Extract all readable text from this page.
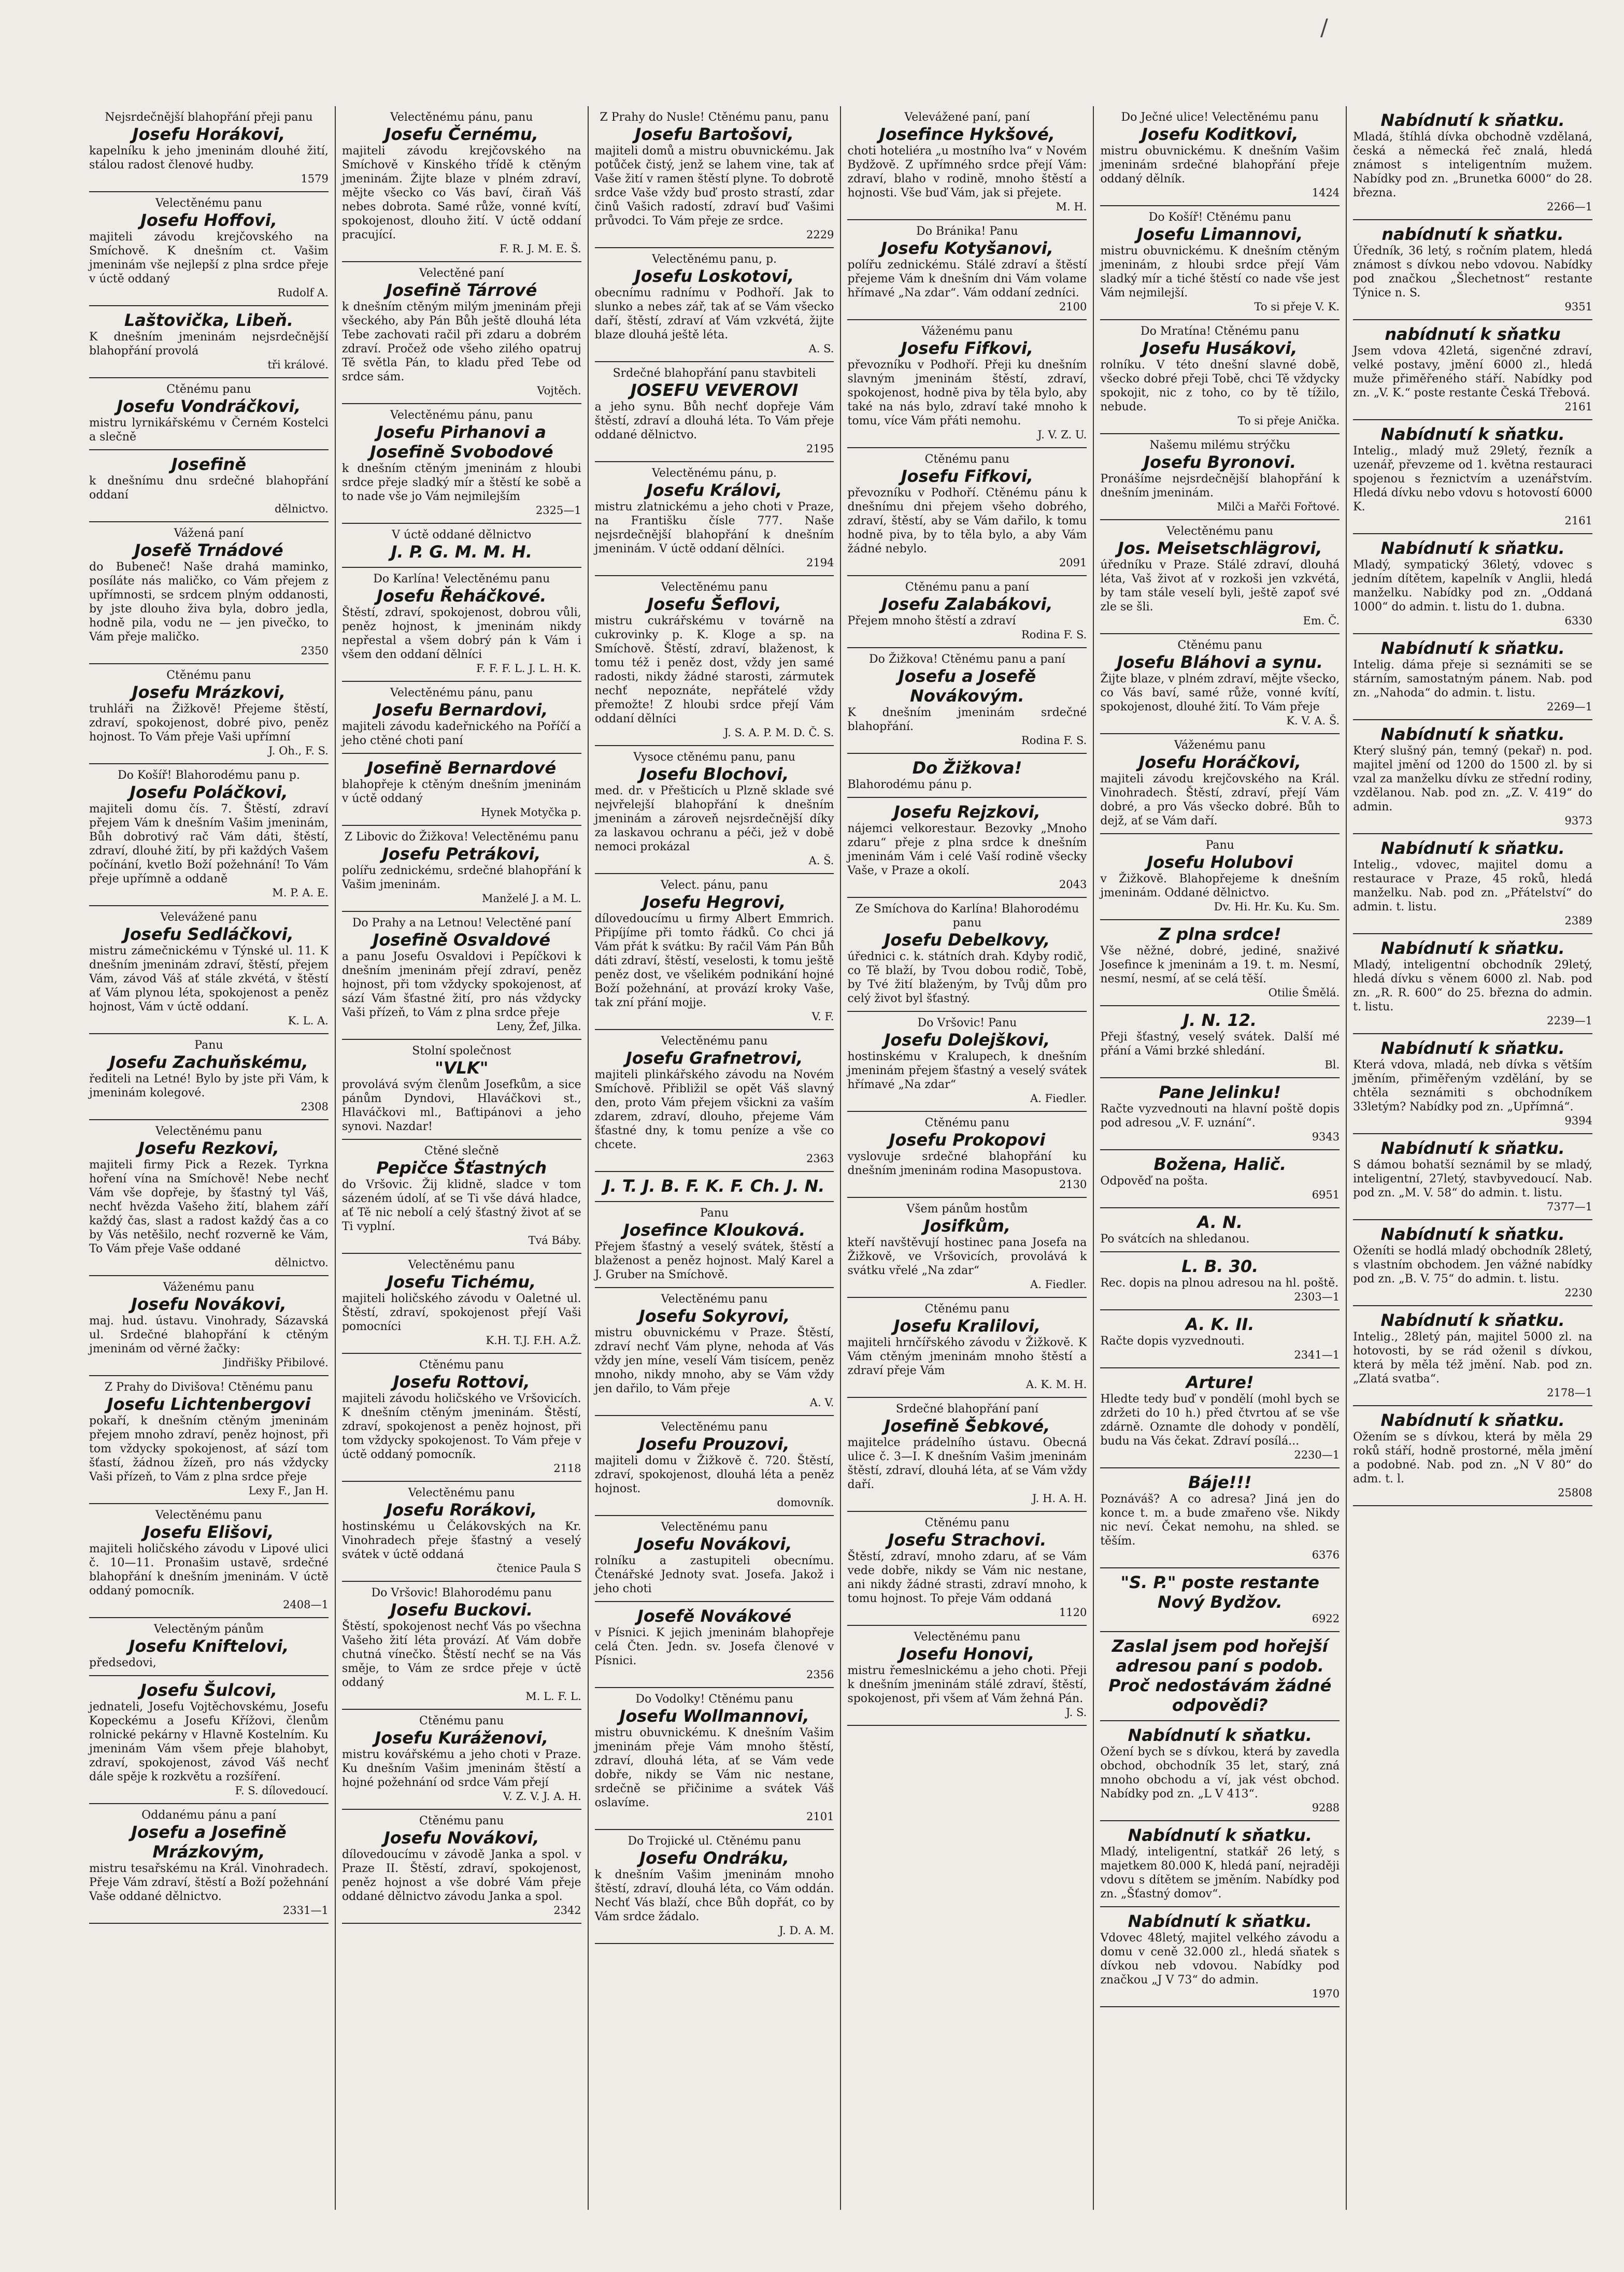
/
Nejsrdečnější blahopřání přeji panu
Josefu Horákovi,
kapelníku k jeho jmeninám dlouhé žití, stálou radost členové hudby.
1579
Velectěnému panu
Josefu Hoffovi,
majiteli závodu krejčovského na Smíchově. K dnešním ct. Vašim jmeninám vše nejlepší z plna srdce přeje v úctě oddaný
Rudolf A.
Laštovička, Libeň.
K dnešním jmeninám nejsrdečnější blahopřání provolá
tři králové.
Ctěnému panu
Josefu Vondráčkovi,
mistru lyrnikářskému v Černém Kostelci a slečně
Josefině
k dnešnímu dnu srdečné blahopřání oddaní
dělnictvo.
Vážená paní
Josefě Trnádové
do Bubeneč! Naše drahá maminko, posíláte nás maličko, co Vám přejem z upřímnosti, se srdcem plným oddanosti, by jste dlouho živa byla, dobro jedla, hodně pila, vodu ne — jen pivečko, to Vám přeje maličko.
2350
Ctěnému panu
Josefu Mrázkovi,
truhláři na Žižkově! Přejeme štěstí, zdraví, spokojenost, dobré pivo, peněz hojnost. To Vám přeje Vaši upřímní
J. Oh., F. S.
Do Košíř! Blahorodému panu p.
Josefu Poláčkovi,
majiteli domu čís. 7. Štěstí, zdraví přejem Vám k dnešním Vašim jmeninám, Bůh dobrotivý rač Vám dáti, štěstí, zdraví, dlouhé žití, by při každých Vašem počínání, kvetlo Boží požehnání! To Vám přeje upřímně a oddaně
M. P. A. E.
Velevážené panu
Josefu Sedláčkovi,
mistru zámečnickému v Týnské ul. 11. K dnešním jmeninám zdraví, štěstí, přejem Vám, závod Váš ať stále zkvétá, v štěstí ať Vám plynou léta, spokojenost a peněz hojnost, Vám v úctě oddaní.
K. L. A.
Panu
Josefu Zachuňskému,
řediteli na Letné! Bylo by jste při Vám, k jmeninám kolegové.
2308
Velectěnému panu
Josefu Rezkovi,
majiteli firmy Pick a Rezek. Tyrkna hoření vína na Smíchově! Nebe nechť Vám vše dopřeje, by šťastný tyl Váš, nechť hvězda Vašeho žití, blahem září každý čas, slast a radost každý čas a co by Vás netěšilo, nechť rozverně ke Vám, To Vám přeje Vaše oddané
dělnictvo.
Váženému panu
Josefu Novákovi,
maj. hud. ústavu. Vinohrady, Sázavská ul. Srdečné blahopřání k ctěným jmeninám od věrné žačky:
Jindřišky Přibilové.
Z Prahy do Divišova! Ctěnému panu
Josefu Lichtenbergovi
pokaří, k dnešním ctěným jmeninám přejem mnoho zdraví, peněz hojnost, při tom vždycky spokojenost, ať sází tom šťastí, žádnou žízeň, pro nás vždycky Vaši přízeň, to Vám z plna srdce přeje
Lexy F., Jan H.
Velectěnému panu
Josefu Elišovi,
majiteli holičského závodu v Lipové ulici č. 10—11. Pronašim ustavě, srdečné blahopřání k dnešním jmeninám. V úctě oddaný pomocník.
2408—1
Velectěným pánům
Josefu Kniftelovi,
předsedovi,
Josefu Šulcovi,
jednateli, Josefu Vojtěchovskému, Josefu Kopeckému a Josefu Křížovi, členům rolnické pekárny v Hlavně Kostelním. Ku jmeninám Vám všem přeje blahobyt, zdraví, spokojenost, závod Váš nechť dále spěje k rozkvětu a rozšíření.
F. S. dílovedoucí.
Oddanému pánu a paní
Josefu a Josefině Mrázkovým,
mistru tesařskému na Král. Vinohradech. Přeje Vám zdraví, štěstí a Boží požehnání Vaše oddané dělnictvo.
2331—1
Velectěnému pánu, panu
Josefu Černému,
majiteli závodu krejčovského na Smíchově v Kinského třídě k ctěným jmeninám. Žijte blaze v plném zdraví, mějte všecko co Vás baví, čiraň Váš nebes dobrota. Samé růže, vonné kvítí, spokojenost, dlouho žití. V úctě oddaní pracující.
F. R. J. M. E. Š.
Velectěné paní
Josefině Tárrové
k dnešním ctěným milým jmeninám přeji všeckého, aby Pán Bůh ještě dlouhá léta Tebe zachovati račil při zdaru a dobrém zdraví. Pročež ode všeho zilého opatruj Tě světla Pán, to kladu před Tebe od srdce sám.
Vojtěch.
Velectěnému pánu, panu
Josefu Pirhanovi a Josefině Svobodové
k dnešním ctěným jmeninám z hloubi srdce přeje sladký mír a štěstí ke sobě a to nade vše jo Vám nejmilejším
2325—1
V úctě oddané dělnictvo
J. P. G. M. M. H.
Do Karlína! Velectěnému panu
Josefu Řeháčkové.
Štěstí, zdraví, spokojenost, dobrou vůli, peněz hojnost, k jmeninám nikdy nepřestal a všem dobrý pán k Vám i všem den oddaní dělníci
F. F. F. L. J. L. H. K.
Velectěnému pánu, panu
Josefu Bernardovi,
majiteli závodu kadeřnického na Poříčí a jeho ctěné choti paní
Josefině Bernardové
blahopřeje k ctěným dnešním jmeninám v úctě oddaný
Hynek Motyčka p.
Z Libovic do Žižkova! Velectěnému panu
Josefu Petrákovi,
polířu zednickému, srdečné blahopřání k Vašim jmeninám.
Manželé J. a M. L.
Do Prahy a na Letnou! Velectěné paní
Josefině Osvaldové
a panu Josefu Osvaldovi i Pepíčkovi k dnešním jmeninám přejí zdraví, peněz hojnost, při tom vždycky spokojenost, ať sází Vám šťastné žití, pro nás vždycky Vaši přízeň, to Vám z plna srdce přeje
Leny, Žef, Jilka.
Stolní společnost
"VLK"
provolává svým členům Josefkům, a sice pánům Dyndovi, Hlaváčkovi st., Hlaváčkovi ml., Baťtipánovi a jeho synovi. Nazdar!
Ctěné slečně
Pepičce Šťastných
do Vršovic. Žij klidně, sladce v tom sázeném údolí, ať se Ti vše dává hladce, ať Tě nic nebolí a celý šťastný život ať se Ti vyplní.
Tvá Báby.
Velectěnému panu
Josefu Tichému,
majiteli holičského závodu v Oaletné ul. Štěstí, zdraví, spokojenost přejí Vaši pomocníci
K.H. T.J. F.H. A.Ž.
Ctěnému panu
Josefu Rottovi,
majiteli závodu holičského ve Vršovicích. K dnešním ctěným jmeninám. Štěstí, zdraví, spokojenost a peněz hojnost, při tom vždycky spokojenost. To Vám přeje v úctě oddaný pomocník.
2118
Velectěnému panu
Josefu Rorákovi,
hostinskému u Čelákovských na Kr. Vinohradech přeje šťastný a veselý svátek v úctě oddaná
čtenice Paula S
Do Vršovic! Blahorodému panu
Josefu Buckovi.
Štěstí, spokojenost nechť Vás po všechna Vašeho žití léta provází. Ať Vám dobře chutná vínečko. Štěstí nechť se na Vás směje, to Vám ze srdce přeje v úctě oddaný
M. L. F. L.
Ctěnému panu
Josefu Kuráženovi,
mistru kovářskému a jeho choti v Praze. Ku dnešním Vašim jmeninám štěstí a hojné požehnání od srdce Vám přejí
V. Z. V. J. A. H.
Ctěnému panu
Josefu Novákovi,
dílovedoucímu v závodě Janka a spol. v Praze II. Štěstí, zdraví, spokojenost, peněz hojnost a vše dobré Vám přeje oddané dělnictvo závodu Janka a spol.
2342
Z Prahy do Nusle! Ctěnému panu, panu
Josefu Bartošovi,
majiteli domů a mistru obuvnickému. Jak potůček čistý, jenž se lahem vine, tak ať Vaše žití v ramen štěstí plyne. To dobrotě srdce Vaše vždy buď prosto strastí, zdar činů Vašich radostí, zdraví buď Vašimi průvodci. To Vám přeje ze srdce.
2229
Velectěnému panu, p.
Josefu Loskotovi,
obecnímu radnímu v Podhoří. Jak to slunko a nebes zář, tak ať se Vám všecko daří, štěstí, zdraví ať Vám vzkvétá, žijte blaze dlouhá ještě léta.
A. S.
Srdečné blahopřání panu stavbiteli
JOSEFU VEVEROVI
a jeho synu. Bůh nechť dopřeje Vám štěstí, zdraví a dlouhá léta. To Vám přeje oddané dělnictvo.
2195
Velectěnému pánu, p.
Josefu Královi,
mistru zlatnickému a jeho choti v Praze, na Františku čísle 777. Naše nejsrdečnější blahopřání k dnešním jmeninám. V úctě oddaní dělníci.
2194
Velectěnému panu
Josefu Šeflovi,
mistru cukrářskému v továrně na cukrovinky p. K. Kloge a sp. na Smíchově. Štěstí, zdraví, blaženost, k tomu též i peněz dost, vždy jen samé radosti, nikdy žádné starosti, zármutek nechť nepoznáte, nepřátelé vždy přemožte! Z hloubi srdce přejí Vám oddaní dělníci
J. S. A. P. M. D. Č. S.
Vysoce ctěnému panu, panu
Josefu Blochovi,
med. dr. v Přešticích u Plzně sklade své nejvřelejší blahopřání k dnešním jmeninám a zároveň nejsrdečnější díky za laskavou ochranu a péči, jež v době nemoci prokázal
A. Š.
Velect. pánu, panu
Josefu Hegrovi,
dílovedoucímu u firmy Albert Emmrich. Připíjíme při tomto řádků. Co chci já Vám přát k svátku: By račil Vám Pán Bůh dáti zdraví, štěstí, veselosti, k tomu ještě peněz dost, ve všelikém podnikání hojné Boží požehnání, at provází kroky Vaše, tak zní přání mojje.
V. F.
Velectěnému panu
Josefu Grafnetrovi,
majiteli plinkářského závodu na Novém Smíchově. Přibližil se opět Váš slavný den, proto Vám přejem všickni za vaším zdarem, zdraví, dlouho, přejeme Vám šťastné dny, k tomu peníze a vše co chcete.
2363
J. T. J. B. F. K. F. Ch. J. N.
Panu
Josefince Klouková.
Přejem šťastný a veselý svátek, štěstí a blaženost a peněz hojnost. Malý Karel a J. Gruber na Smíchově.
Velectěnému panu
Josefu Sokyrovi,
mistru obuvnickému v Praze. Štěstí, zdraví nechť Vám plyne, nehoda ať Vás vždy jen míne, veselí Vám tisícem, peněz mnoho, nikdy mnoho, aby se Vám vždy jen dařilo, to Vám přeje
A. V.
Velectěnému panu
Josefu Prouzovi,
majiteli domu v Žižkově č. 720. Štěstí, zdraví, spokojenost, dlouhá léta a peněz hojnost.
domovník.
Velectěnému panu
Josefu Novákovi,
rolníku a zastupiteli obecnímu. Čtenářské Jednoty svat. Josefa. Jakož i jeho choti
Josefě Novákové
v Písnici. K jejich jmeninám blahopřeje celá Čten. Jedn. sv. Josefa členové v Písnici.
2356
Do Vodolky! Ctěnému panu
Josefu Wollmannovi,
mistru obuvnickému. K dnešním Vašim jmeninám přeje Vám mnoho štěstí, zdraví, dlouhá léta, ať se Vám vede dobře, nikdy se Vám nic nestane, srdečně se přičinime a svátek Váš oslavíme.
2101
Do Trojické ul. Ctěnému panu
Josefu Ondráku,
k dnešním Vašim jmeninám mnoho štěstí, zdraví, dlouhá léta, co Vám oddán. Nechť Vás blaží, chce Bůh dopřát, co by Vám srdce žádalo.
J. D. A. M.
Velevážené paní, paní
Josefince Hykšové,
choti hoteliéra „u mostního lva“ v Novém Bydžově. Z upřímného srdce přejí Vám: zdraví, blaho v rodině, mnoho štěstí a hojnosti. Vše buď Vám, jak si přejete.
M. H.
Do Bránika! Panu
Josefu Kotyšanovi,
polířu zednickému. Stálé zdraví a štěstí přejeme Vám k dnešním dni Vám volame hřímavé „Na zdar“. Vám oddaní zedníci.
2100
Váženému panu
Josefu Fifkovi,
převozníku v Podhoří. Přeji ku dnešním slavným jmeninám štěstí, zdraví, spokojenost, hodně piva by těla bylo, aby také na nás bylo, zdraví také mnoho k tomu, více Vám přáti nemohu.
J. V. Z. U.
Ctěnému panu
Josefu Fifkovi,
převozníku v Podhoří. Ctěnému pánu k dnešnímu dni přejem všeho dobrého, zdraví, štěstí, aby se Vám dařilo, k tomu hodně piva, by to těla bylo, a aby Vám žádné nebylo.
2091
Ctěnému panu a paní
Josefu Zalabákovi,
Přejem mnoho štěstí a zdraví
Rodina F. S.
Do Žižkova! Ctěnému panu a paní
Josefu a Josefě Novákovým.
K dnešním jmeninám srdečné blahopřání.
Rodina F. S.
Do Žižkova!
Blahorodému pánu p.
Josefu Rejzkovi,
nájemci velkorestaur. Bezovky „Mnoho zdaru“ přeje z plna srdce k dnešním jmeninám Vám i celé Vaší rodině všecky Vaše, v Praze a okolí.
2043
Ze Smíchova do Karlína! Blahorodému panu
Josefu Debelkovy,
úřednici c. k. státních drah. Kdyby rodič, co Tě blaží, by Tvou dobou rodič, Tobě, by Tvé žití blaženým, by Tvůj dům pro celý život byl šťastný.
Do Vršovic! Panu
Josefu Dolejškovi,
hostinskému v Kralupech, k dnešním jmeninám přejem šťastný a veselý svátek hřímavé „Na zdar“
A. Fiedler.
Ctěnému panu
Josefu Prokopovi
vyslovuje srdečné blahopřání ku dnešním jmeninám rodina Masopustova.
2130
Všem pánům hostům
Josifkům,
kteří navštěvují hostinec pana Josefa na Žižkově, ve Vršovicích, provolává k svátku vřelé „Na zdar“
A. Fiedler.
Ctěnému panu
Josefu Kralilovi,
majiteli hrnčířského závodu v Žižkově. K Vám ctěným jmeninám mnoho štěstí a zdraví přeje Vám
A. K. M. H.
Srdečné blahopřání paní
Josefině Šebkové,
majitelce prádelního ústavu. Obecná ulice č. 3—I. K dnešním Vašim jmeninám štěstí, zdraví, dlouhá léta, ať se Vám vždy daří.
J. H. A. H.
Ctěnému panu
Josefu Strachovi.
Štěstí, zdraví, mnoho zdaru, ať se Vám vede dobře, nikdy se Vám nic nestane, ani nikdy žádné strasti, zdraví mnoho, k tomu hojnost. To přeje Vám oddaná
1120
Velectěnému panu
Josefu Honovi,
mistru řemeslnickému a jeho choti. Přeji k dnešním jmeninám stálé zdraví, štěstí, spokojenost, při všem ať Vám žehná Pán.
J. S.
Do Ječné ulice! Velectěnému panu
Josefu Koditkovi,
mistru obuvnickému. K dnešním Vašim jmeninám srdečné blahopřání přeje oddaný dělník.
1424
Do Košíř! Ctěnému panu
Josefu Limannovi,
mistru obuvnickému. K dnešním ctěným jmeninám, z hloubi srdce přejí Vám sladký mír a tiché štěstí co nade vše jest Vám nejmilejší.
To si přeje V. K.
Do Mratína! Ctěnému panu
Josefu Husákovi,
rolníku. V této dnešní slavné době, všecko dobré přeji Tobě, chci Tě vždycky spokojit, nic z toho, co by tě tížilo, nebude.
To si přeje Anička.
Našemu milému strýčku
Josefu Byronovi.
Pronášíme nejsrdečnější blahopřání k dnešním jmeninám.
Milči a Mařči Fořtové.
Velectěnému panu
Jos. Meisetschlägrovi,
úředníku v Praze. Stálé zdraví, dlouhá léta, Vaš život ať v rozkoši jen vzkvétá, by tam stále veselí byli, ještě zapoť své zle se šli.
Em. Č.
Ctěnému panu
Josefu Bláhovi a synu.
Žijte blaze, v plném zdraví, mějte všecko, co Vás baví, samé růže, vonné kvítí, spokojenost, dlouhé žití. To Vám přeje
K. V. A. Š.
Váženému panu
Josefu Horáčkovi,
majiteli závodu krejčovského na Král. Vinohradech. Štěstí, zdraví, přejí Vám dobré, a pro Vás všecko dobré. Bůh to dejž, ať se Vám daří.
Panu
Josefu Holubovi
v Žižkově. Blahopřejeme k dnešním jmeninám. Oddané dělnictvo.
Dv. Hi. Hr. Ku. Ku. Sm.
Z plna srdce!
Vše něžné, dobré, jediné, snaživé Josefince k jmeninám a 19. t. m. Nesmí, nesmí, nesmí, ať se celá těší.
Otilie Šmělá.
J. N. 12.
Přeji šťastný, veselý svátek. Další mé přání a Vámi brzké shledání.
Bl.
Pane Jelinku!
Račte vyzvednouti na hlavní poště dopis pod adresou „V. F. uznání“.
9343
Božena, Halič.
Odpověď na pošta.
6951
A. N.
Po svátcích na shledanou.
L. B. 30.
Rec. dopis na plnou adresou na hl. poště.
2303—1
A. K. II.
Račte dopis vyzvednouti.
2341—1
Arture!
Hledte tedy buď v pondělí (mohl bych se zdržeti do 10 h.) před čtvrtou ať se vše zdárně. Oznamte dle dohody v pondělí, budu na Vás čekat. Zdraví posílá...
2230—1
Báje!!!
Poznáváš? A co adresa? Jiná jen do konce t. m. a bude zmařeno vše. Nikdy nic neví. Čekat nemohu, na shled. se těším.
6376
"S. P." poste restante Nový Bydžov.
6922
Zaslal jsem pod hořejší adresou paní s podob. Proč nedostávám žádné odpovědi?
Nabídnutí k sňatku.
Ožení bych se s dívkou, která by zavedla obchod, obchodník 35 let, starý, zná mnoho obchodu a ví, jak vést obchod. Nabídky pod zn. „L V 413“.
9288
Nabídnutí k sňatku.
Mladý, inteligentní, statkář 26 letý, s majetkem 80.000 K, hledá paní, nejraději vdovu s dítětem se jměním. Nabídky pod zn. „Šťastný domov“.
Nabídnutí k sňatku.
Vdovec 48letý, majitel velkého závodu a domu v ceně 32.000 zl., hledá sňatek s dívkou neb vdovou. Nabídky pod značkou „J V 73“ do admin.
1970
Nabídnutí k sňatku.
Mladá, štíhlá dívka obchodně vzdělaná, česká a německá řeč znalá, hledá známost s inteligentním mužem. Nabídky pod zn. „Brunetka 6000“ do 28. března.
2266—1
nabídnutí k sňatku.
Úředník, 36 letý, s ročním platem, hledá známost s dívkou nebo vdovou. Nabídky pod značkou „Šlechetnost“ restante Týnice n. S.
9351
nabídnutí k sňatku
Jsem vdova 42letá, sigenčné zdraví, velké postavy, jmění 6000 zl., hledá muže přiměřeného stáří. Nabídky pod zn. „V. K.“ poste restante Česká Třebová.
2161
Nabídnutí k sňatku.
Intelig., mladý muž 29letý, řezník a uzenář, převzeme od 1. května restauraci spojenou s řeznictvím a uzenářstvím. Hledá dívku nebo vdovu s hotovostí 6000 K.
2161
Nabídnutí k sňatku.
Mladý, sympatický 36letý, vdovec s jedním dítětem, kapelník v Anglii, hledá manželku. Nabídky pod zn. „Oddaná 1000“ do admin. t. listu do 1. dubna.
6330
Nabídnutí k sňatku.
Intelig. dáma přeje si seznámiti se se stárním, samostatným pánem. Nab. pod zn. „Nahoda“ do admin. t. listu.
2269—1
Nabídnutí k sňatku.
Který slušný pán, temný (pekař) n. pod. majitel jmění od 1200 do 1500 zl. by si vzal za manželku dívku ze střední rodiny, vzdělanou. Nab. pod zn. „Z. V. 419“ do admin.
9373
Nabídnutí k sňatku.
Intelig., vdovec, majitel domu a restaurace v Praze, 45 roků, hledá manželku. Nab. pod zn. „Přátelství“ do admin. t. listu.
2389
Nabídnutí k sňatku.
Mladý, inteligentní obchodník 29letý, hledá dívku s věnem 6000 zl. Nab. pod zn. „R. R. 600“ do 25. března do admin. t. listu.
2239—1
Nabídnutí k sňatku.
Která vdova, mladá, neb dívka s větším jměním, přiměřeným vzdělání, by se chtěla seznámiti s obchodníkem 33letým? Nabídky pod zn. „Upřímná“.
9394
Nabídnutí k sňatku.
S dámou bohatší seznámil by se mladý, inteligentní, 27letý, stavbyvedoucí. Nab. pod zn. „M. V. 58“ do admin. t. listu.
7377—1
Nabídnutí k sňatku.
Oženíti se hodlá mladý obchodník 28letý, s vlastním obchodem. Jen vážné nabídky pod zn. „B. V. 75“ do admin. t. listu.
2230
Nabídnutí k sňatku.
Intelig., 28letý pán, majitel 5000 zl. na hotovosti, by se rád oženil s dívkou, která by měla též jmění. Nab. pod zn. „Zlatá svatba“.
2178—1
Nabídnutí k sňatku.
Ožením se s dívkou, která by měla 29 roků stáří, hodně prostorné, měla jmění a podobné. Nab. pod zn. „N V 80“ do adm. t. l.
25808
